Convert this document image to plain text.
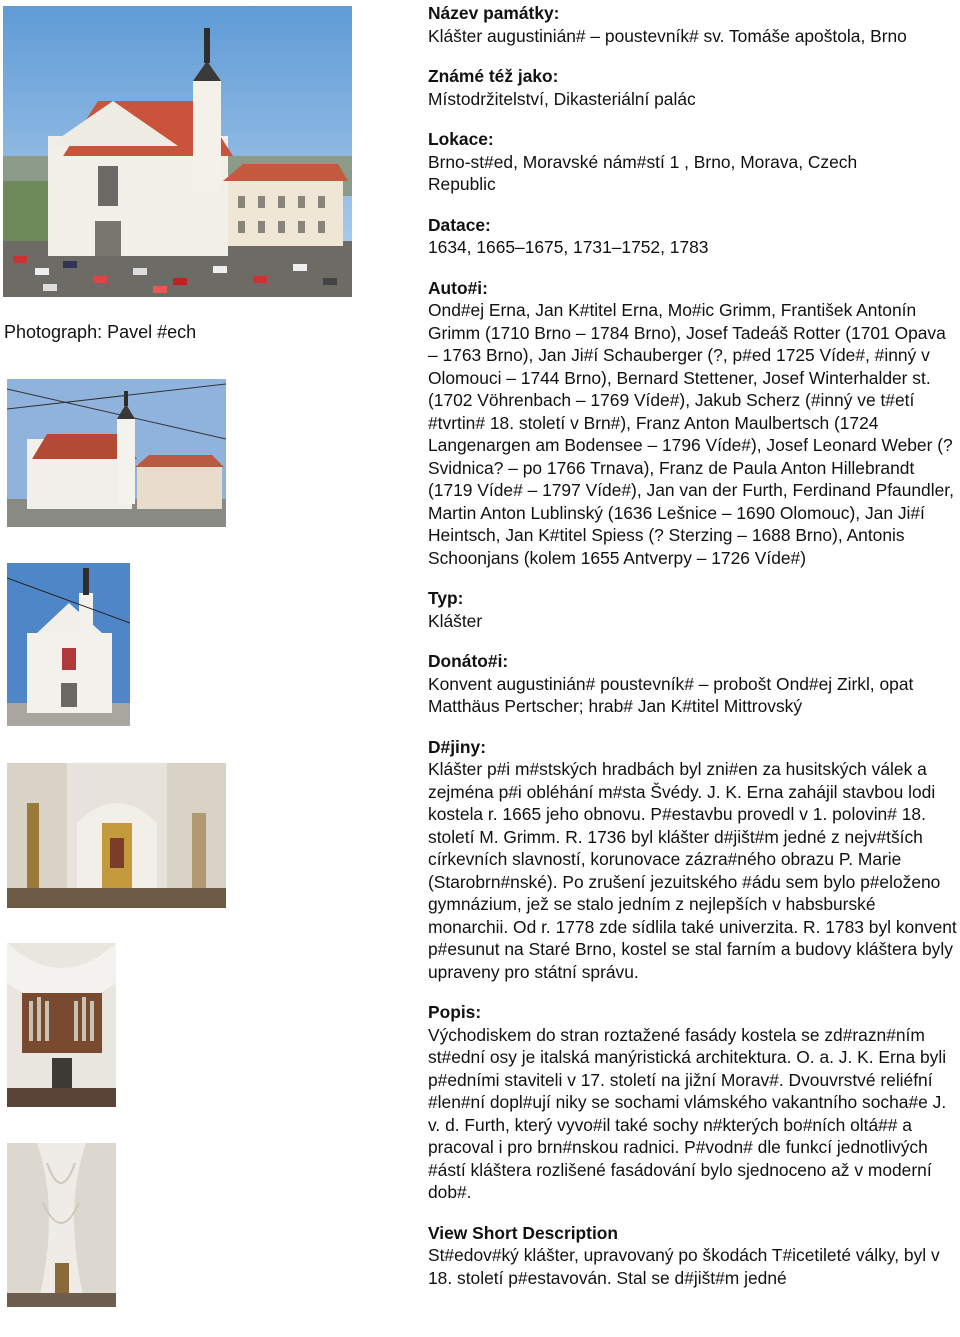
Photograph: Pavel #ech
Název památky:

Klášter augustinián# – poustevník# sv. Tomáše apoštola, Brno

Známé též jako:

Místodržitelství, Dikasteriální palác

Lokace:

Brno-st#ed, Moravské nám#stí 1 , Brno, Morava, Czech Republic

Datace:

1634, 1665–1675, 1731–1752, 1783

Auto#i:

Ond#ej Erna, Jan K#titel Erna, Mo#ic Grimm, František Antonín Grimm (1710 Brno – 1784 Brno), Josef Tadeáš Rotter (1701 Opava – 1763 Brno), Jan Ji#í Schauberger (?, p#ed 1725 Víde#, #inný v Olomouci – 1744 Brno), Bernard Stettener, Josef Winterhalder st. (1702 Vöhrenbach – 1769 Víde#), Jakub Scherz (#inný ve t#etí #tvrtin# 18. století v Brn#), Franz Anton Maulbertsch (1724 Langenargen am Bodensee – 1796 Víde#), Josef Leonard Weber (? Svidnica? – po 1766 Trnava), Franz de Paula Anton Hillebrandt (1719 Víde# – 1797 Víde#), Jan van der Furth, Ferdinand Pfaundler, Martin Anton Lublinský (1636 Lešnice – 1690 Olomouc), Jan Ji#í Heintsch, Jan K#titel Spiess (? Sterzing – 1688 Brno), Antonis Schoonjans (kolem 1655 Antverpy – 1726 Víde#)

Typ:

Klášter

Donáto#i:

Konvent augustinián# poustevník# – probošt Ond#ej Zirkl, opat Matthäus Pertscher; hrab# Jan K#titel Mittrovský

D#jiny:

Klášter p#i m#stských hradbách byl zni#en za husitských válek a zejména p#i obléhání m#sta Švédy. J. K. Erna zahájil stavbou lodi kostela r. 1665 jeho obnovu. P#estavbu provedl v 1. polovin# 18. století M. Grimm. R. 1736 byl klášter d#jišt#m jedné z nejv#tších církevních slavností, korunovace zázra#ného obrazu P. Marie (Starobrn#nské). Po zrušení jezuitského #ádu sem bylo p#eloženo gymnázium, jež se stalo jedním z nejlepších v habsburské monarchii. Od r. 1778 zde sídlila také univerzita. R. 1783 byl konvent p#esunut na Staré Brno, kostel se stal farním a budovy kláštera byly upraveny pro státní správu.

Popis:

Východiskem do stran roztažené fasády kostela se zd#razn#ním st#ední osy je italská manýristická architektura. O. a. J. K. Erna byli p#edními staviteli v 17. století na jižní Morav#. Dvouvrstvé reliéfní #len#ní dopl#ují niky se sochami vlámského vakantního socha#e J. v. d. Furth, který vyvo#il také sochy n#kterých bo#ních oltá## a pracoval i pro brn#nskou radnici. P#vodn# dle funkcí jednotlivých #ástí kláštera rozlišené fasádování bylo sjednoceno až v moderní dob#.

View Short Description

St#edov#ký klášter, upravovaný po škodách T#icetileté války, byl v 18. století p#estavován. Stal se d#jišt#m jedné
